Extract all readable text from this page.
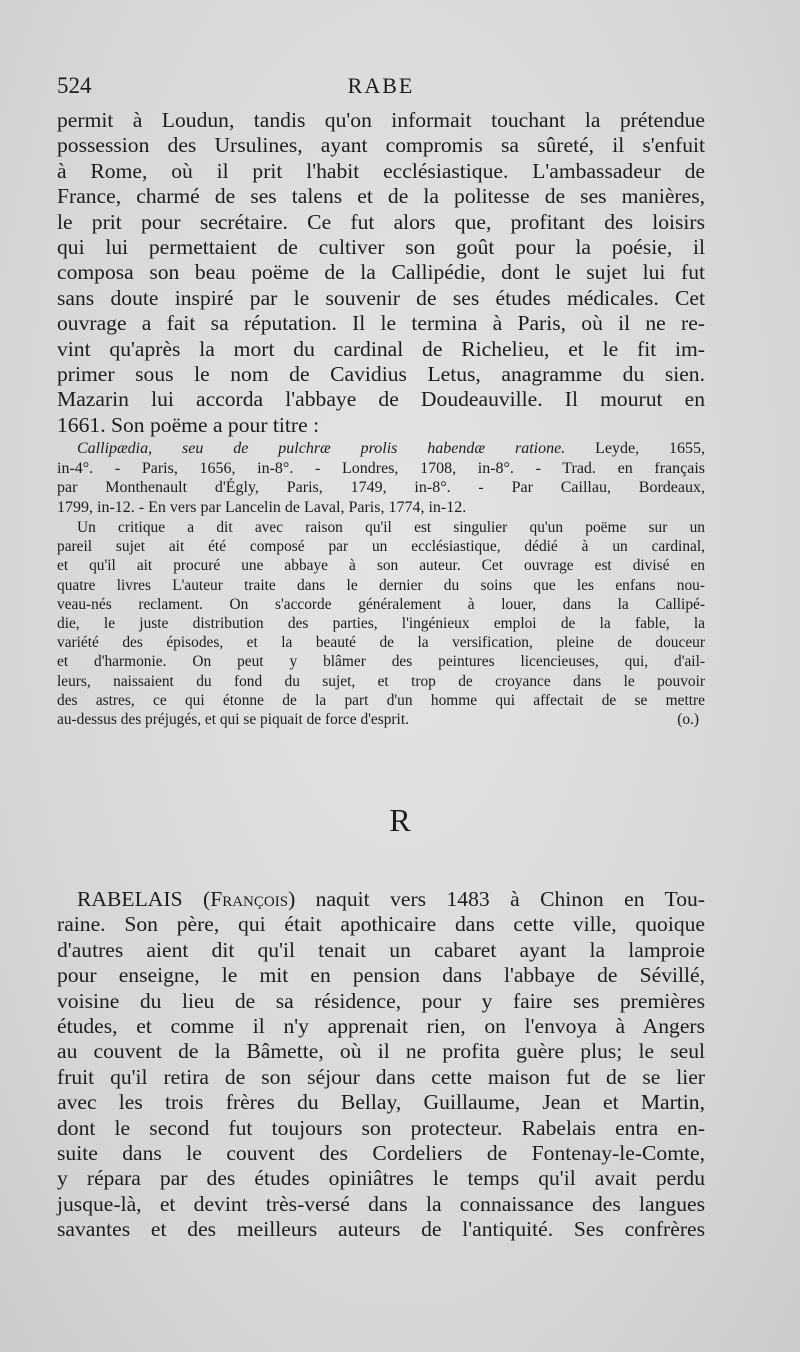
524	RABE
permit à Loudun, tandis qu'on informait touchant la prétendue
possession des Ursulines, ayant compromis sa sûreté, il s'enfuit
à Rome, où il prit l'habit ecclésiastique. L'ambassadeur de
France, charmé de ses talens et de la politesse de ses manières,
le prit pour secrétaire. Ce fut alors que, profitant des loisirs
qui lui permettaient de cultiver son goût pour la poésie, il
composa son beau poëme de la Callipédie, dont le sujet lui fut
sans doute inspiré par le souvenir de ses études médicales. Cet
ouvrage a fait sa réputation. Il le termina à Paris, où il ne re-
vint qu'après la mort du cardinal de Richelieu, et le fit im-
primer sous le nom de Cavidius Letus, anagramme du sien.
Mazarin lui accorda l'abbaye de Doudeauville. Il mourut en
1661. Son poëme a pour titre :
Callipædia, seu de pulchræ prolis habendæ ratione. Leyde, 1655,
in-4°. - Paris, 1656, in-8°. - Londres, 1708, in-8°. - Trad. en français
par Monthenault d'Égly, Paris, 1749, in-8°. - Par Caillau, Bordeaux,
1799, in-12. - En vers par Lancelin de Laval, Paris, 1774, in-12.
Un critique a dit avec raison qu'il est singulier qu'un poëme sur un
pareil sujet ait été composé par un ecclésiastique, dédié à un cardinal,
et qu'il ait procuré une abbaye à son auteur. Cet ouvrage est divisé en
quatre livres L'auteur traite dans le dernier du soins que les enfans nou-
veau-nés reclament. On s'accorde généralement à louer, dans la Callipé-
die, le juste distribution des parties, l'ingénieux emploi de la fable, la
variété des épisodes, et la beauté de la versification, pleine de douceur
et d'harmonie. On peut y blâmer des peintures licencieuses, qui, d'ail-
leurs, naissaient du fond du sujet, et trop de croyance dans le pouvoir
des astres, ce qui étonne de la part d'un homme qui affectait de se mettre
au-dessus des préjugés, et qui se piquait de force d'esprit.	(o.)
R
RABELAIS (François) naquit vers 1483 à Chinon en Tou-
raine. Son père, qui était apothicaire dans cette ville, quoique
d'autres aient dit qu'il tenait un cabaret ayant la lamproie
pour enseigne, le mit en pension dans l'abbaye de Sévillé,
voisine du lieu de sa résidence, pour y faire ses premières
études, et comme il n'y apprenait rien, on l'envoya à Angers
au couvent de la Bâmette, où il ne profita guère plus; le seul
fruit qu'il retira de son séjour dans cette maison fut de se lier
avec les trois frères du Bellay, Guillaume, Jean et Martin,
dont le second fut toujours son protecteur. Rabelais entra en-
suite dans le couvent des Cordeliers de Fontenay-le-Comte,
y répara par des études opiniâtres le temps qu'il avait perdu
jusque-là, et devint très-versé dans la connaissance des langues
savantes et des meilleurs auteurs de l'antiquité. Ses confrères
